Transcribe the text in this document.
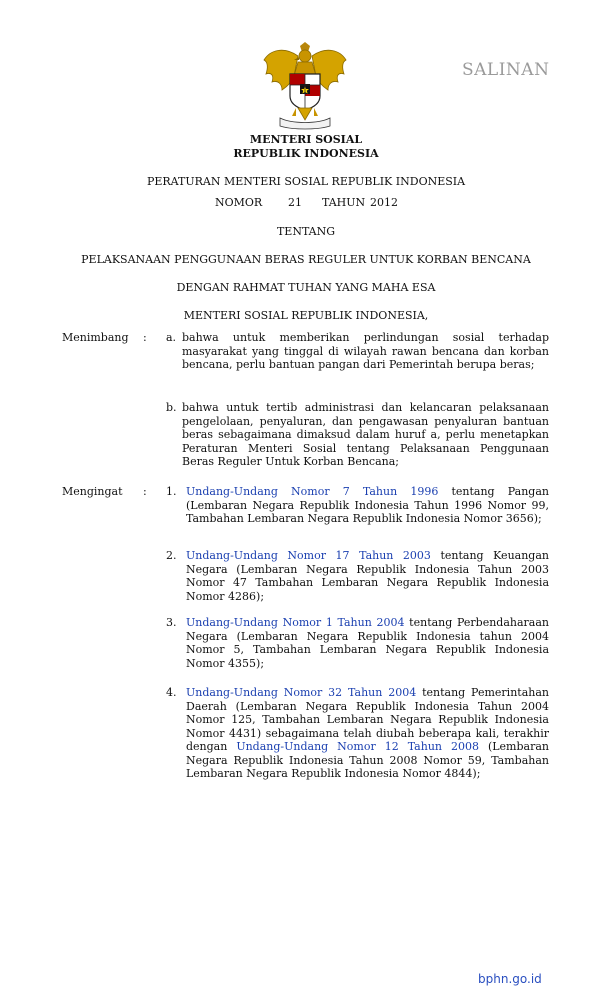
SALINAN
MENTERI SOSIAL
REPUBLIK INDONESIA
PERATURAN MENTERI SOSIAL REPUBLIK INDONESIA
NOMOR 21 TAHUN 2012
TENTANG
PELAKSANAAN PENGGUNAAN BERAS REGULER UNTUK KORBAN BENCANA
DENGAN RAHMAT TUHAN YANG MAHA ESA
MENTERI SOSIAL REPUBLIK INDONESIA,
Menimbang : a. bahwa untuk memberikan perlindungan sosial terhadap masyarakat yang tinggal di wilayah rawan bencana dan korban bencana, perlu bantuan pangan dari Pemerintah berupa beras;
b. bahwa untuk tertib administrasi dan kelancaran pelaksanaan pengelolaan, penyaluran, dan pengawasan penyaluran bantuan beras sebagaimana dimaksud dalam huruf a, perlu menetapkan Peraturan Menteri Sosial tentang Pelaksanaan Penggunaan Beras Reguler Untuk Korban Bencana;
Mengingat : 1. Undang-Undang Nomor 7 Tahun 1996 tentang Pangan (Lembaran Negara Republik Indonesia Tahun 1996 Nomor 99, Tambahan Lembaran Negara Republik Indonesia Nomor 3656);
2. Undang-Undang Nomor 17 Tahun 2003 tentang Keuangan Negara (Lembaran Negara Republik Indonesia Tahun 2003 Nomor 47 Tambahan Lembaran Negara Republik Indonesia Nomor 4286);
3. Undang-Undang Nomor 1 Tahun 2004 tentang Perbendaharaan Negara (Lembaran Negara Republik Indonesia tahun 2004 Nomor 5, Tambahan Lembaran Negara Republik Indonesia Nomor 4355);
4. Undang-Undang Nomor 32 Tahun 2004 tentang Pemerintahan Daerah (Lembaran Negara Republik Indonesia Tahun 2004 Nomor 125, Tambahan Lembaran Negara Republik Indonesia Nomor 4431) sebagaimana telah diubah beberapa kali, terakhir dengan Undang-Undang Nomor 12 Tahun 2008 (Lembaran Negara Republik Indonesia Tahun 2008 Nomor 59, Tambahan Lembaran Negara Republik Indonesia Nomor 4844);
bphn.go.id
